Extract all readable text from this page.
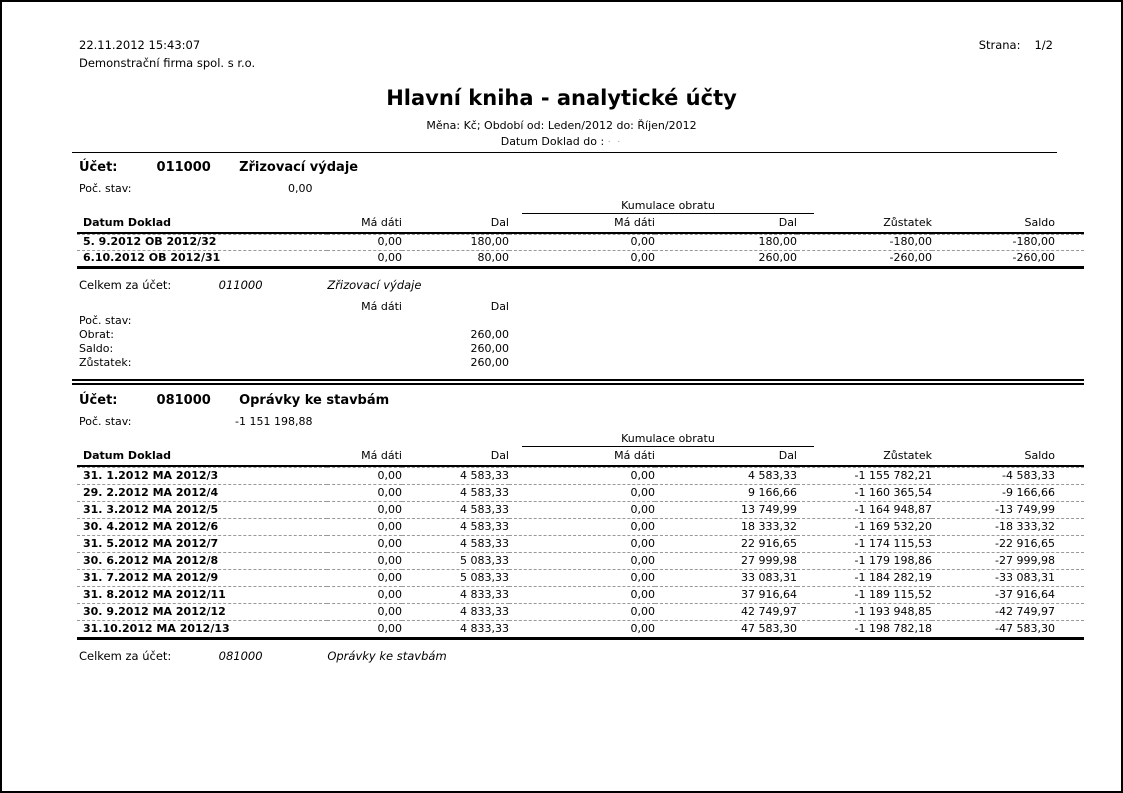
22.11.2012 15:43:07	Strana: 1/2
Demonstrační firma spol. s r.o.
Hlavní kniha - analytické účty
Měna: Kč; Období od: Leden/2012 do: Říjen/2012
Datum Doklad do : . .
Účet:	011000 Zřizovací výdaje
Poč. stav:	0,00
Kumulace obratu
Datum Doklad	Má dáti	Dal	Má dáti	Dal	Zůstatek	Saldo
5. 9.2012 OB 2012/32	0,00	180,00	0,00	180,00	-180,00	-180,00
6.10.2012 OB 2012/31	0,00	80,00	0,00	260,00	-260,00	-260,00
Celkem za účet:	011000	Zřizovací výdaje
Má dáti	Dal
Poč. stav:
Obrat:	260,00
Saldo:	260,00
Zůstatek:	260,00
Účet:	081000 Oprávky ke stavbám
Poč. stav:	-1 151 198,88
Kumulace obratu
Datum Doklad	Má dáti	Dal	Má dáti	Dal	Zůstatek	Saldo
31. 1.2012 MA 2012/3	0,00	4 583,33	0,00	4 583,33	-1 155 782,21	-4 583,33
29. 2.2012 MA 2012/4	0,00	4 583,33	0,00	9 166,66	-1 160 365,54	-9 166,66
31. 3.2012 MA 2012/5	0,00	4 583,33	0,00	13 749,99	-1 164 948,87	-13 749,99
30. 4.2012 MA 2012/6	0,00	4 583,33	0,00	18 333,32	-1 169 532,20	-18 333,32
31. 5.2012 MA 2012/7	0,00	4 583,33	0,00	22 916,65	-1 174 115,53	-22 916,65
30. 6.2012 MA 2012/8	0,00	5 083,33	0,00	27 999,98	-1 179 198,86	-27 999,98
31. 7.2012 MA 2012/9	0,00	5 083,33	0,00	33 083,31	-1 184 282,19	-33 083,31
31. 8.2012 MA 2012/11	0,00	4 833,33	0,00	37 916,64	-1 189 115,52	-37 916,64
30. 9.2012 MA 2012/12	0,00	4 833,33	0,00	42 749,97	-1 193 948,85	-42 749,97
31.10.2012 MA 2012/13	0,00	4 833,33	0,00	47 583,30	-1 198 782,18	-47 583,30
Celkem za účet:	081000	Oprávky ke stavbám
